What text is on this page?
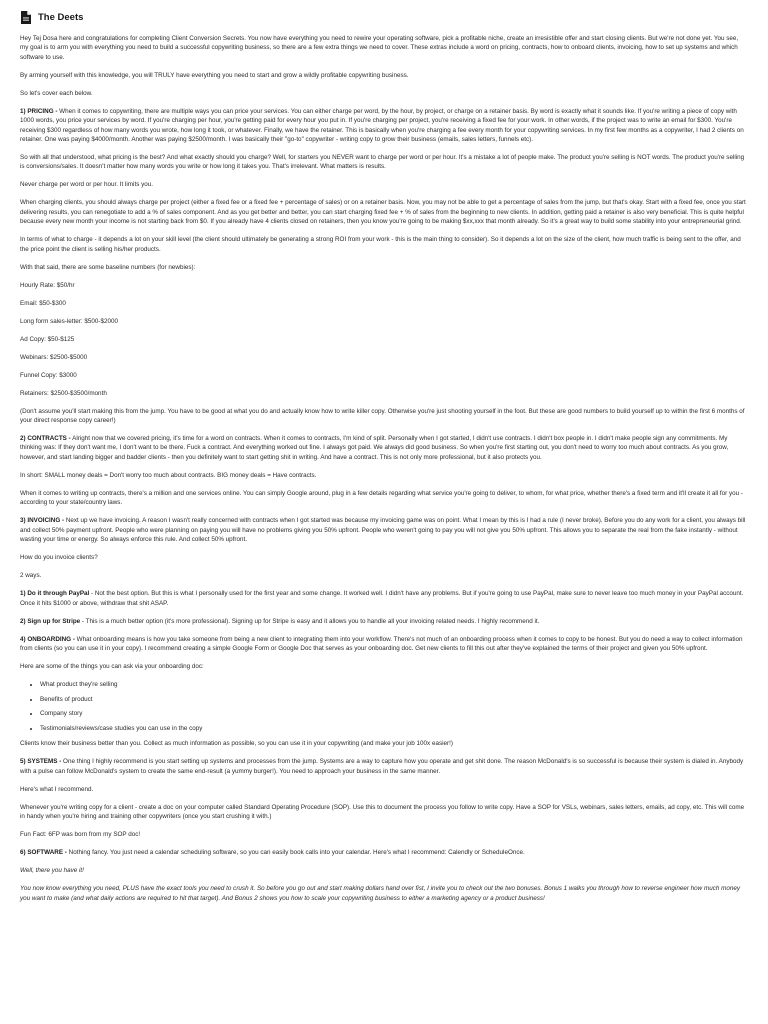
The Deets

Hey Tej Dosa here and congratulations for completing Client Conversion Secrets. You now have everything you need to rewire your operating software, pick a profitable niche, create an irresistible offer and start closing clients. But we're not done yet. You see, my goal is to arm you with everything you need to build a successful copywriting business, so there are a few extra things we need to cover. These extras include a word on pricing, contracts, how to onboard clients, invoicing, how to set up systems and which software to use.

By arming yourself with this knowledge, you will TRULY have everything you need to start and grow a wildly profitable copywriting business.

So let's cover each below.

1) PRICING - When it comes to copywriting, there are multiple ways you can price your services. You can either charge per word, by the hour, by project, or charge on a retainer basis. By word is exactly what it sounds like. If you're writing a piece of copy with 1000 words, you price your services by word. If you're charging per hour, you're getting paid for every hour you put in. If you're charging per project, you're receiving a fixed fee for your work. In other words, if the project was to write an email for $300. You're receiving $300 regardless of how many words you wrote, how long it took, or whatever. Finally, we have the retainer. This is basically when you're charging a fee every month for your copywriting services. In my first few months as a copywriter, I had 2 clients on retainer. One was paying $4000/month. Another was paying $2500/month. I was basically their "go-to" copywriter - writing copy to grow their business (emails, sales letters, funnels etc).

So with all that understood, what pricing is the best? And what exactly should you charge? Well, for starters you NEVER want to charge per word or per hour. It's a mistake a lot of people make. The product you're selling is NOT words. The product you're selling is conversions/sales. It doesn't matter how many words you write or how long it takes you. That's irrelevant. What matters is results.

Never charge per word or per hour. It limits you.

When charging clients, you should always charge per project (either a fixed fee or a fixed fee + percentage of sales) or on a retainer basis. Now, you may not be able to get a percentage of sales from the jump, but that's okay. Start with a fixed fee, once you start delivering results, you can renegotiate to add a % of sales component. And as you get better and better, you can start charging fixed fee + % of sales from the beginning to new clients. In addition, getting paid a retainer is also very beneficial. This is quite helpful because every new month your income is not starting back from $0. If you already have 4 clients closed on retainers, then you know you're going to be making $xx,xxx that month already. So it's a great way to build some stability into your entrepreneurial grind.

In terms of what to charge - it depends a lot on your skill level (the client should ultimately be generating a strong ROI from your work - this is the main thing to consider). So it depends a lot on the size of the client, how much traffic is being sent to the offer, and the price point the client is selling his/her products.

With that said, there are some baseline numbers (for newbies):

Hourly Rate: $50/hr

Email: $50-$300

Long form sales-letter: $500-$2000

Ad Copy: $50-$125

Webinars: $2500-$5000

Funnel Copy: $3000

Retainers: $2500-$3500/month

(Don't assume you'll start making this from the jump. You have to be good at what you do and actually know how to write killer copy. Otherwise you're just shooting yourself in the foot. But these are good numbers to build yourself up to within the first 6 months of your direct response copy career!)

2) CONTRACTS - Alright now that we covered pricing, it's time for a word on contracts. When it comes to contracts, I'm kind of split. Personally when I got started, I didn't use contracts. I didn't box people in. I didn't make people sign any commitments. My thinking was: If they don't want me, I don't want to be there. Fuck a contract. And everything worked out fine. I always got paid. We always did good business. So when you're first starting out, you don't need to worry too much about contracts. As you grow, however, and start landing bigger and badder clients - then you definitely want to start getting shit in writing. And have a contract. This is not only more professional, but it also protects you.

In short: SMALL money deals = Don't worry too much about contracts. BIG money deals = Have contracts.

When it comes to writing up contracts, there's a million and one services online. You can simply Google around, plug in a few details regarding what service you're going to deliver, to whom, for what price, whether there's a fixed term and it'll create it all for you - according to your state/country laws.

3) INVOICING - Next up we have invoicing. A reason I wasn't really concerned with contracts when I got started was because my invoicing game was on point. What I mean by this is I had a rule (I never broke). Before you do any work for a client, you always bill and collect 50% payment upfront. People who were planning on paying you will have no problems giving you 50% upfront. People who weren't going to pay you will not give you 50% upfront. This allows you to separate the real from the fake instantly - without wasting your time or energy. So always enforce this rule. And collect 50% upfront.

How do you invoice clients?

2 ways.

1) Do it through PayPal - Not the best option. But this is what I personally used for the first year and some change. It worked well. I didn't have any problems. But if you're going to use PayPal, make sure to never leave too much money in your PayPal account. Once it hits $1000 or above, withdraw that shit ASAP.

2) Sign up for Stripe - This is a much better option (it's more professional). Signing up for Stripe is easy and it allows you to handle all your invoicing related needs. I highly recommend it.

4) ONBOARDING - What onboarding means is how you take someone from being a new client to integrating them into your workflow. There's not much of an onboarding process when it comes to copy to be honest. But you do need a way to collect information from clients (so you can use it in your copy). I recommend creating a simple Google Form or Google Doc that serves as your onboarding doc. Get new clients to fill this out after they've explained the terms of their project and given you 50% upfront.

Here are some of the things you can ask via your onboarding doc:

• What product they're selling
• Benefits of product
• Company story
• Testimonials/reviews/case studies you can use in the copy

Clients know their business better than you. Collect as much information as possible, so you can use it in your copywriting (and make your job 100x easier!)

5) SYSTEMS - One thing I highly recommend is you start setting up systems and processes from the jump. Systems are a way to capture how you operate and get shit done. The reason McDonald's is so successful is because their system is dialed in. Anybody with a pulse can follow McDonald's system to create the same end-result (a yummy burger!). You need to approach your business in the same manner.

Here's what I recommend.

Whenever you're writing copy for a client - create a doc on your computer called Standard Operating Procedure (SOP). Use this to document the process you follow to write copy. Have a SOP for VSLs, webinars, sales letters, emails, ad copy, etc. This will come in handy when you're hiring and training other copywriters (once you start crushing it with.)

Fun Fact: 6FP was born from my SOP doc!

6) SOFTWARE - Nothing fancy. You just need a calendar scheduling software, so you can easily book calls into your calendar. Here's what I recommend: Calendly or ScheduleOnce.

Well, there you have it!

You now know everything you need, PLUS have the exact tools you need to crush it. So before you go out and start making dollars hand over fist, I invite you to check out the two bonuses. Bonus 1 walks you through how to reverse engineer how much money you want to make (and what daily actions are required to hit that target). And Bonus 2 shows you how to scale your copywriting business to either a marketing agency or a product business!
